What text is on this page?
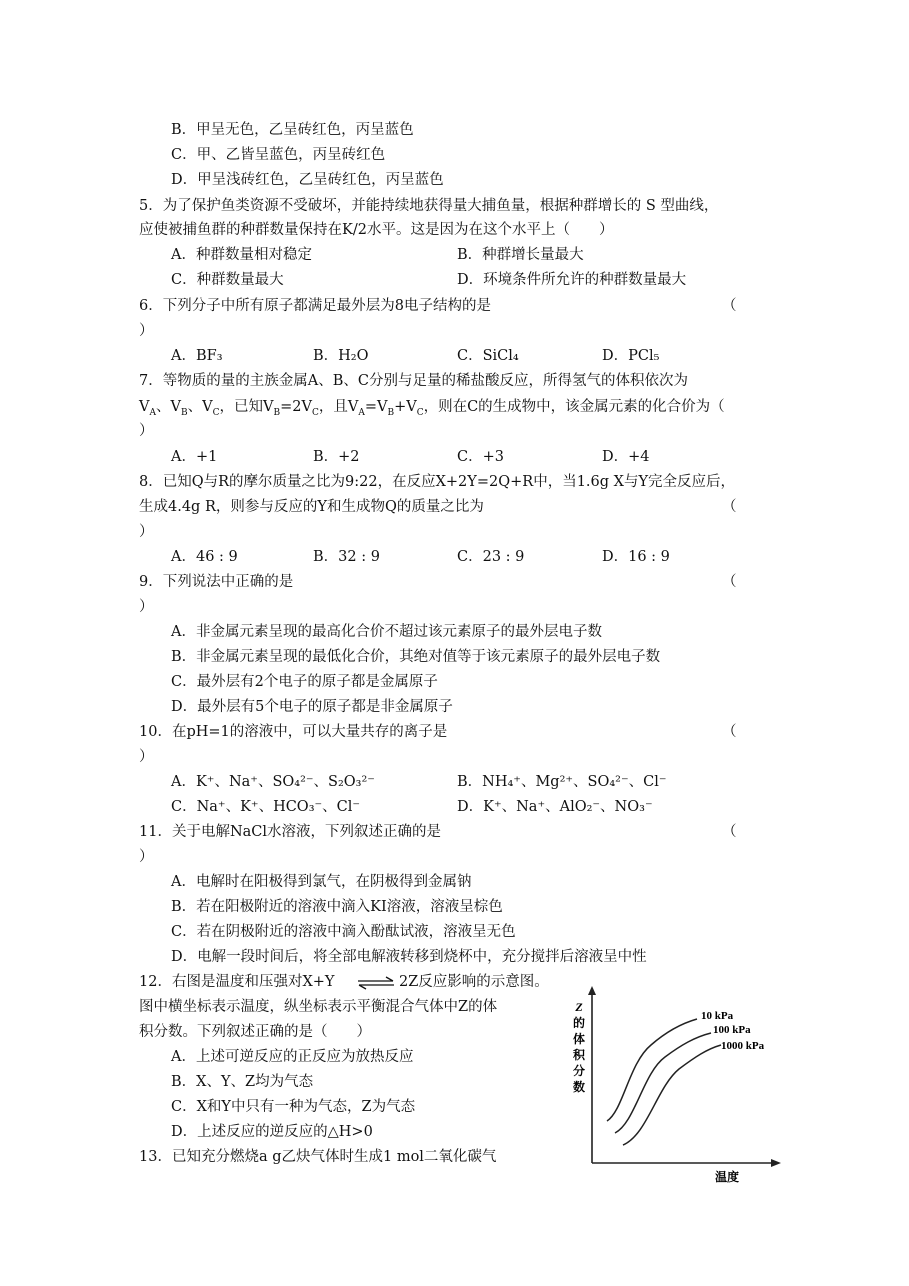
B．甲呈无色，乙呈砖红色，丙呈蓝色
C．甲、乙皆呈蓝色，丙呈砖红色
D．甲呈浅砖红色，乙呈砖红色，丙呈蓝色
5．为了保护鱼类资源不受破坏，并能持续地获得量大捕鱼量，根据种群增长的 S 型曲线，
应使被捕鱼群的种群数量保持在K/2水平。这是因为在这个水平上（　　）
A．种群数量相对稳定	B．种群增长量最大
C．种群数量最大	D．环境条件所允许的种群数量最大
6．下列分子中所有原子都满足最外层为8电子结构的是	（
）
A．BF₃	B．H₂O	C．SiCl₄	D．PCl₅
7．等物质的量的主族金属A、B、C分别与足量的稀盐酸反应，所得氢气的体积依次为
$V_A$、$V_B$、$V_C$，已知$V_B=2V_C$，且$V_A=V_B+V_C$，则在C的生成物中，该金属元素的化合价为（
）
A．+1	B．+2	C．+3	D．+4
8．已知Q与R的摩尔质量之比为9:22，在反应X+2Y=2Q+R中，当1.6g X与Y完全反应后，
生成4.4g R，则参与反应的Y和生成物Q的质量之比为	（
）
A．46 : 9	B．32 : 9	C．23 : 9	D．16 : 9
9．下列说法中正确的是	（
）
A．非金属元素呈现的最高化合价不超过该元素原子的最外层电子数
B．非金属元素呈现的最低化合价，其绝对值等于该元素原子的最外层电子数
C．最外层有2个电子的原子都是金属原子
D．最外层有5个电子的原子都是非金属原子
10．在pH=1的溶液中，可以大量共存的离子是	（
）
A．K⁺、Na⁺、SO₄²⁻、S₂O₃²⁻	B．NH₄⁺、Mg²⁺、SO₄²⁻、Cl⁻
C．Na⁺、K⁺、HCO₃⁻、Cl⁻	D．K⁺、Na⁺、AlO₂⁻、NO₃⁻
11．关于电解NaCl水溶液，下列叙述正确的是	（
）
A．电解时在阳极得到氯气，在阴极得到金属钠
B．若在阳极附近的溶液中滴入KI溶液，溶液呈棕色
C．若在阴极附近的溶液中滴入酚酞试液，溶液呈无色
D．电解一段时间后，将全部电解液转移到烧杯中，充分搅拌后溶液呈中性
12．右图是温度和压强对X+Y ⇌ 2Z反应影响的示意图。
图中横坐标表示温度，纵坐标表示平衡混合气体中Z的体
积分数。下列叙述正确的是（　　）
A．上述可逆反应的正反应为放热反应
B．X、Y、Z均为气态
C．X和Y中只有一种为气态，Z为气态
D．上述反应的逆反应的△H>0
13．已知充分燃烧a g乙炔气体时生成1 mol二氧化碳气
Z
的
体
积
分
数
10 kPa
100 kPa
1000 kPa
温度
